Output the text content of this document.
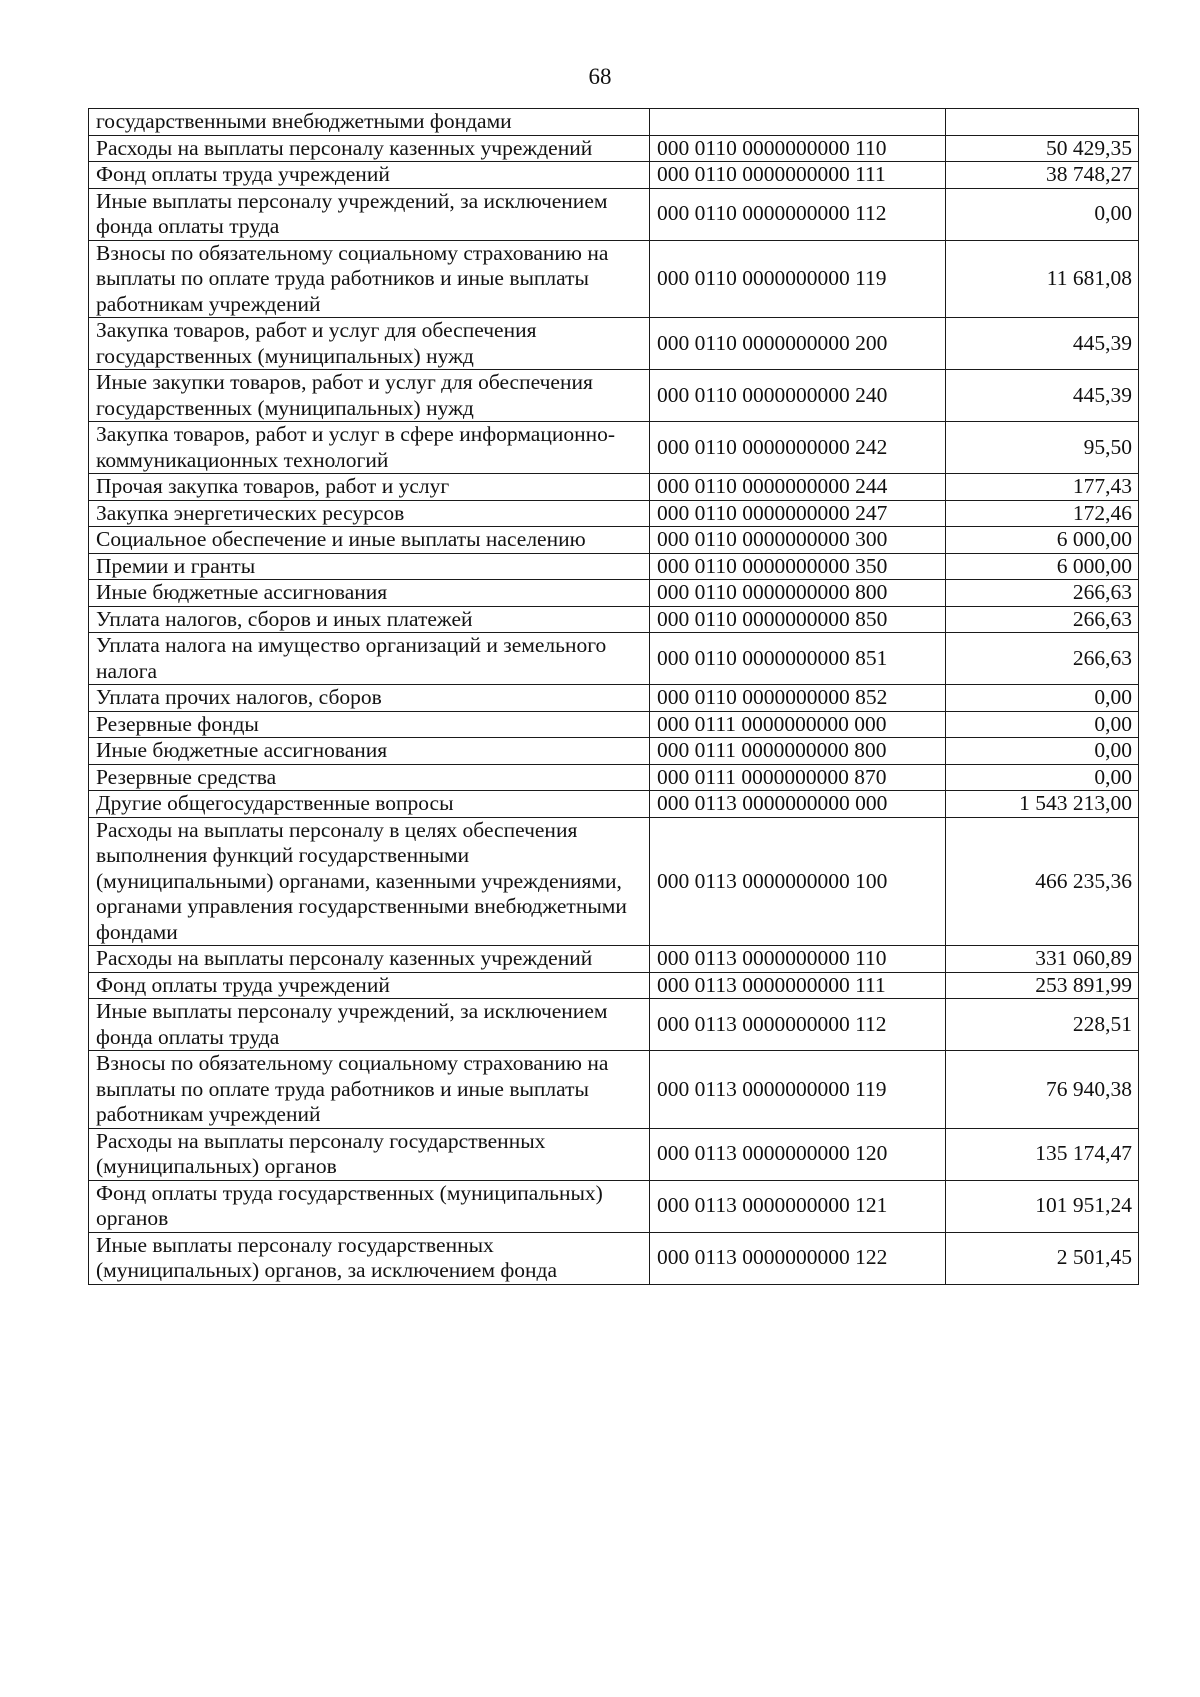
68
государственными внебюджетными фондами		
Расходы на выплаты персоналу казенных учреждений	000 0110 0000000000 110	50 429,35
Фонд оплаты труда учреждений	000 0110 0000000000 111	38 748,27
Иные выплаты персоналу учреждений, за исключением фонда оплаты труда	000 0110 0000000000 112	0,00
Взносы по обязательному социальному страхованию на выплаты по оплате труда работников и иные выплаты работникам учреждений	000 0110 0000000000 119	11 681,08
Закупка товаров, работ и услуг для обеспечения государственных (муниципальных) нужд	000 0110 0000000000 200	445,39
Иные закупки товаров, работ и услуг для обеспечения государственных (муниципальных) нужд	000 0110 0000000000 240	445,39
Закупка товаров, работ и услуг в сфере информационно-коммуникационных технологий	000 0110 0000000000 242	95,50
Прочая закупка товаров, работ и услуг	000 0110 0000000000 244	177,43
Закупка энергетических ресурсов	000 0110 0000000000 247	172,46
Социальное обеспечение и иные выплаты населению	000 0110 0000000000 300	6 000,00
Премии и гранты	000 0110 0000000000 350	6 000,00
Иные бюджетные ассигнования	000 0110 0000000000 800	266,63
Уплата налогов, сборов и иных платежей	000 0110 0000000000 850	266,63
Уплата налога на имущество организаций и земельного налога	000 0110 0000000000 851	266,63
Уплата прочих налогов, сборов	000 0110 0000000000 852	0,00
Резервные фонды	000 0111 0000000000 000	0,00
Иные бюджетные ассигнования	000 0111 0000000000 800	0,00
Резервные средства	000 0111 0000000000 870	0,00
Другие общегосударственные вопросы	000 0113 0000000000 000	1 543 213,00
Расходы на выплаты персоналу в целях обеспечения выполнения функций государственными (муниципальными) органами, казенными учреждениями, органами управления государственными внебюджетными фондами	000 0113 0000000000 100	466 235,36
Расходы на выплаты персоналу казенных учреждений	000 0113 0000000000 110	331 060,89
Фонд оплаты труда учреждений	000 0113 0000000000 111	253 891,99
Иные выплаты персоналу учреждений, за исключением фонда оплаты труда	000 0113 0000000000 112	228,51
Взносы по обязательному социальному страхованию на выплаты по оплате труда работников и иные выплаты работникам учреждений	000 0113 0000000000 119	76 940,38
Расходы на выплаты персоналу государственных (муниципальных) органов	000 0113 0000000000 120	135 174,47
Фонд оплаты труда государственных (муниципальных) органов	000 0113 0000000000 121	101 951,24
Иные выплаты персоналу государственных (муниципальных) органов, за исключением фонда	000 0113 0000000000 122	2 501,45
